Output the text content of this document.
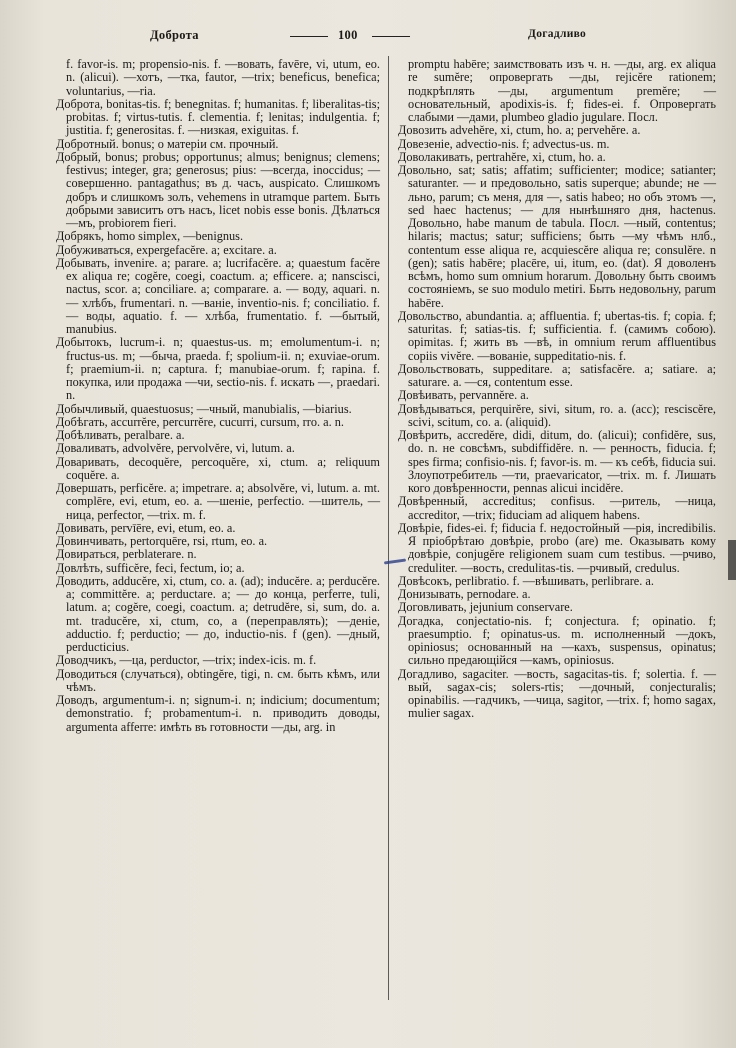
Доброта	100	Догадливо

f. favor-is. m; propensio-nis. f. —вовать, favēre, vi, utum, eo. n. (alicui). —хотъ, —тка, fautor, —trix; beneficus, benefica; voluntarius, —ria.

Доброта, bonitas-tis. f; benegnitas. f; humanitas. f; liberalitas-tis; probitas. f; virtus-tutis. f. clementia. f; lenitas; indulgentia. f; justitia. f; generositas. f. —низкая, exiguitas. f.

Добротный. bonus; о матеріи см. прочный.

Добрый, bonus; probus; opportunus; almus; benignus; clemens; festivus; integer, gra; generosus; pius: —всегда, inoccidus; —совершенно. pantagathus; въ д. часъ, auspicato. Слишкомъ добръ и слишкомъ золъ, vehemens in utramque partem. Быть добрыми зависитъ отъ насъ, licet nobis esse bonis. Дѣлаться —мъ, probiorem fieri.

Добрякъ, homo simplex, —benignus.

Добуживаться, expergefacĕre. a; excitare. a.

Добывать, invenire. a; parare. a; lucrifacĕre. a; quaestum facĕre ex aliqua re; cogĕre, coegi, coactum. a; efficere. a; nanscisci, nactus, scor. a; conciliare. a; comparare. a. — воду, aquari. n. — хлѣбъ, frumentari. n. —ваніе, inventio-nis. f; conciliatio. f. — воды, aquatio. f. — хлѣба, frumentatio. f. —бытый, manubius.

Добытокъ, lucrum-i. n; quaestus-us. m; emolumentum-i. n; fructus-us. m; —быча, praeda. f; spolium-ii. n; exuviae-orum. f; praemium-ii. n; captura. f; manubiae-orum. f; rapina. f. покупка, или продажа —чи, sectio-nis. f. искать —, praedari. n.

Добычливый, quaestuosus; —чный, manubialis, —biarius.

Добѣгать, accurrĕre, percurrĕre, cucurri, cursum, rro. a. n.

Добѣливать, peralbare. a.

Доваливать, advolvĕre, pervolvĕre, vi, lutum. a.

Доваривать, decoquĕre, percoquĕre, xi, ctum. a; reliquum coquĕre. a.

Довершать, perficĕre. a; impetrare. a; absolvĕre, vi, lutum. a. mt. complēre, evi, etum, eo. a. —шеніе, perfectio. —шитель, —ница, perfector, —trix. m. f.

Довивать, pervīēre, evi, etum, eo. a.

Довинчивать, pertorquēre, rsi, rtum, eo. a.

Довираться, perblaterare. n.

Довлѣть, sufficĕre, feci, fectum, io; a.

Доводить, adducĕre, xi, ctum, co. a. (ad); inducĕre. a; perducĕre. a; committĕre. a; perductare. a; — до конца, perferre, tuli, latum. a; cogĕre, coegi, coactum. a; detrudĕre, si, sum, do. a. mt. traducĕre, xi, ctum, co, a (переправлять); —деніе, adductio. f; perductio; — до, inductio-nis. f (gen). —дный, perducticius.

Доводчикъ, —ца, perductor, —trix; index-icis. m. f.

Доводиться (случаться), obtingĕre, tigi, n. см. быть кѣмъ, или чѣмъ.

Доводъ, argumentum-i. n; signum-i. n; indicium; documentum; demonstratio. f; probamentum-i. n. приводить доводы, argumenta afferre: имѣть въ готовности —ды, arg. in

promptu habēre; заимствовать изъ ч. н. —ды, arg. ex aliqua re sumĕre; опровергать —ды, rejicĕre rationem; подкрѣплять —ды, argumentum premĕre; — основательный, apodixis-is. f; fides-ei. f. Опровергать слабыми —дами, plumbeo gladio jugulare. Посл.

Довозить advehĕre, xi, ctum, ho. a; pervehĕre. a.

Довезеніе, advectio-nis. f; advectus-us. m.

Доволакивать, pertrahĕre, xi, ctum, ho. a.

Довольно, sat; satis; affatim; sufficienter; modice; satianter; saturanter. — и предовольно, satis superque; abunde; не —льно, parum; съ меня, для —, satis habeo; но объ этомъ —, sed haec hactenus; — для нынѣшняго дня, hactenus. Довольно, habe manum de tabula. Посл. —ный, contentus; hilaris; mactus; satur; sufficiens; быть —му чѣмъ нлб., contentum esse aliqua re, acquiescĕre aliqua re; consulĕre. n (gen); satis habēre; placēre, ui, itum, eo. (dat). Я доволенъ всѣмъ, homo sum omnium horarum. Довольну быть своимъ состояніемъ, se suo modulo metiri. Быть недовольну, parum habēre.

Довольство, abundantia. a; affluentia. f; ubertas-tis. f; copia. f; saturitas. f; satias-tis. f; sufficientia. f. (самимъ собою). opimitas. f; жить въ —вѣ, in omnium rerum affluentibus copiis vivĕre. —вованіе, suppeditatio-nis. f.

Довольствовать, suppeditare. a; satisfacĕre. a; satiare. a; saturare. a. —ся, contentum esse.

Довѣивать, pervannĕre. a.

Довѣдываться, perquirĕre, sivi, situm, ro. a. (acc); resciscĕre, scivi, scitum, co. a. (aliquid).

Довѣрить, accredĕre, didi, ditum, do. (alicui); confidĕre, sus, do. n. не совсѣмъ, subdiffidĕre. n. — ренность, fiducia. f; spes firma; confisio-nis. f; favor-is. m. — къ себѣ, fiducia sui. Злоупотребитель —ти, praevaricator, —trix. m. f. Лишать кого довѣренности, pennas alicui incidĕre.

Довѣренный, accreditus; confisus. —ритель, —ница, accreditor, —trix; fiduciam ad aliquem habens.

Довѣріе, fides-ei. f; fiducia f. недостойный —рія, incredibilis. Я пріобрѣтаю довѣріе, probo (are) me. Оказывать кому довѣріе, conjugĕre religionem suam cum testibus. —рчиво, creduliter. —вость, credulitas-tis. —рчивый, credulus.

Довѣсокъ, perlibratio. f. —вѣшивать, perlibrare. a.

Донизывать, pernodare. a.

Договливать, jejunium conservare.

Догадка, conjectatio-nis. f; conjectura. f; opinatio. f; praesumptio. f; opinatus-us. m. исполненный —докъ, opiniosus; основанный на —кахъ, suspensus, opinatus; сильно предающійся —камъ, opiniosus.

Догадливо, sagaciter. —вость, sagacitas-tis. f; solertia. f. —вый, sagax-cis; solers-rtis; —дочный, conjecturalis; opinabilis. —гадчикъ, —чица, sagitor, —trix. f; homo sagax, mulier sagax.
